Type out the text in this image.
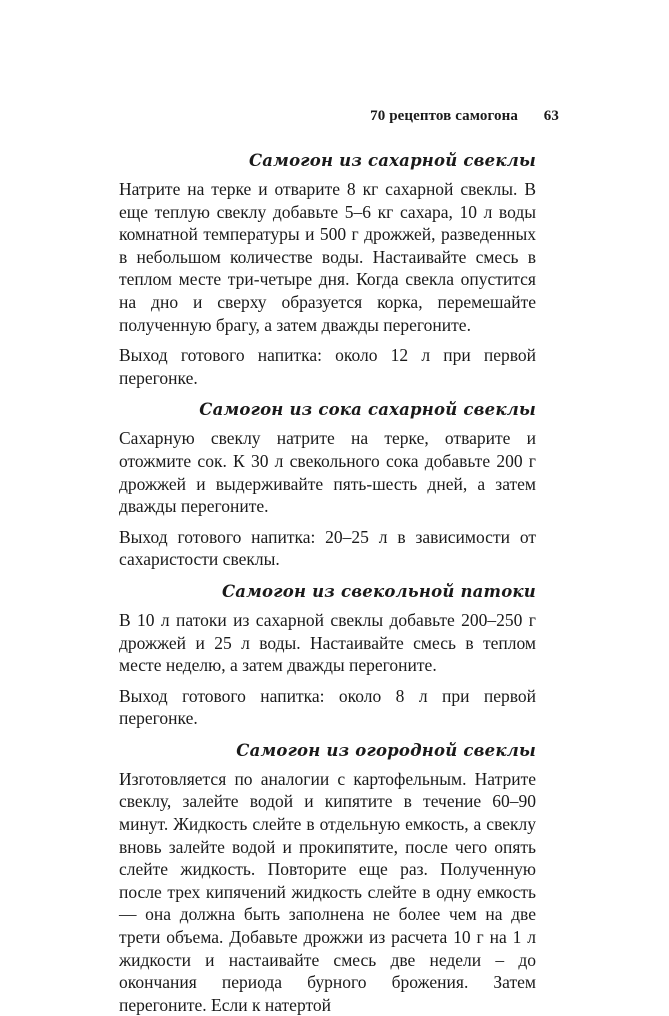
70 рецептов самогона 63
Самогон из сахарной свеклы

Натрите на терке и отварите 8 кг сахарной свеклы. В еще теплую свеклу добавьте 5–6 кг сахара, 10 л воды комнатной температуры и 500 г дрожжей, разведенных в небольшом количестве воды. Настаивайте смесь в теплом месте три-четыре дня. Когда свекла опустится на дно и сверху образуется корка, перемешайте полученную брагу, а затем дважды перегоните.

Выход готового напитка: около 12 л при первой перегонке.

Самогон из сока сахарной свеклы

Сахарную свеклу натрите на терке, отварите и отожмите сок. К 30 л свекольного сока добавьте 200 г дрожжей и выдерживайте пять-шесть дней, а затем дважды перегоните.

Выход готового напитка: 20–25 л в зависимости от сахаристости свеклы.

Самогон из свекольной патоки

В 10 л патоки из сахарной свеклы добавьте 200–250 г дрожжей и 25 л воды. Настаивайте смесь в теплом месте неделю, а затем дважды перегоните.

Выход готового напитка: около 8 л при первой перегонке.

Самогон из огородной свеклы

Изготовляется по аналогии с картофельным. Натрите свеклу, залейте водой и кипятите в течение 60–90 минут. Жидкость слейте в отдельную емкость, а свеклу вновь залейте водой и прокипятите, после чего опять слейте жидкость. Повторите еще раз. Полученную после трех кипячений жидкость слейте в одну емкость — она должна быть заполнена не более чем на две трети объема. Добавьте дрожжи из расчета 10 г на 1 л жидкости и настаивайте смесь две недели – до окончания периода бурного брожения. Затем перегоните. Если к натертой
